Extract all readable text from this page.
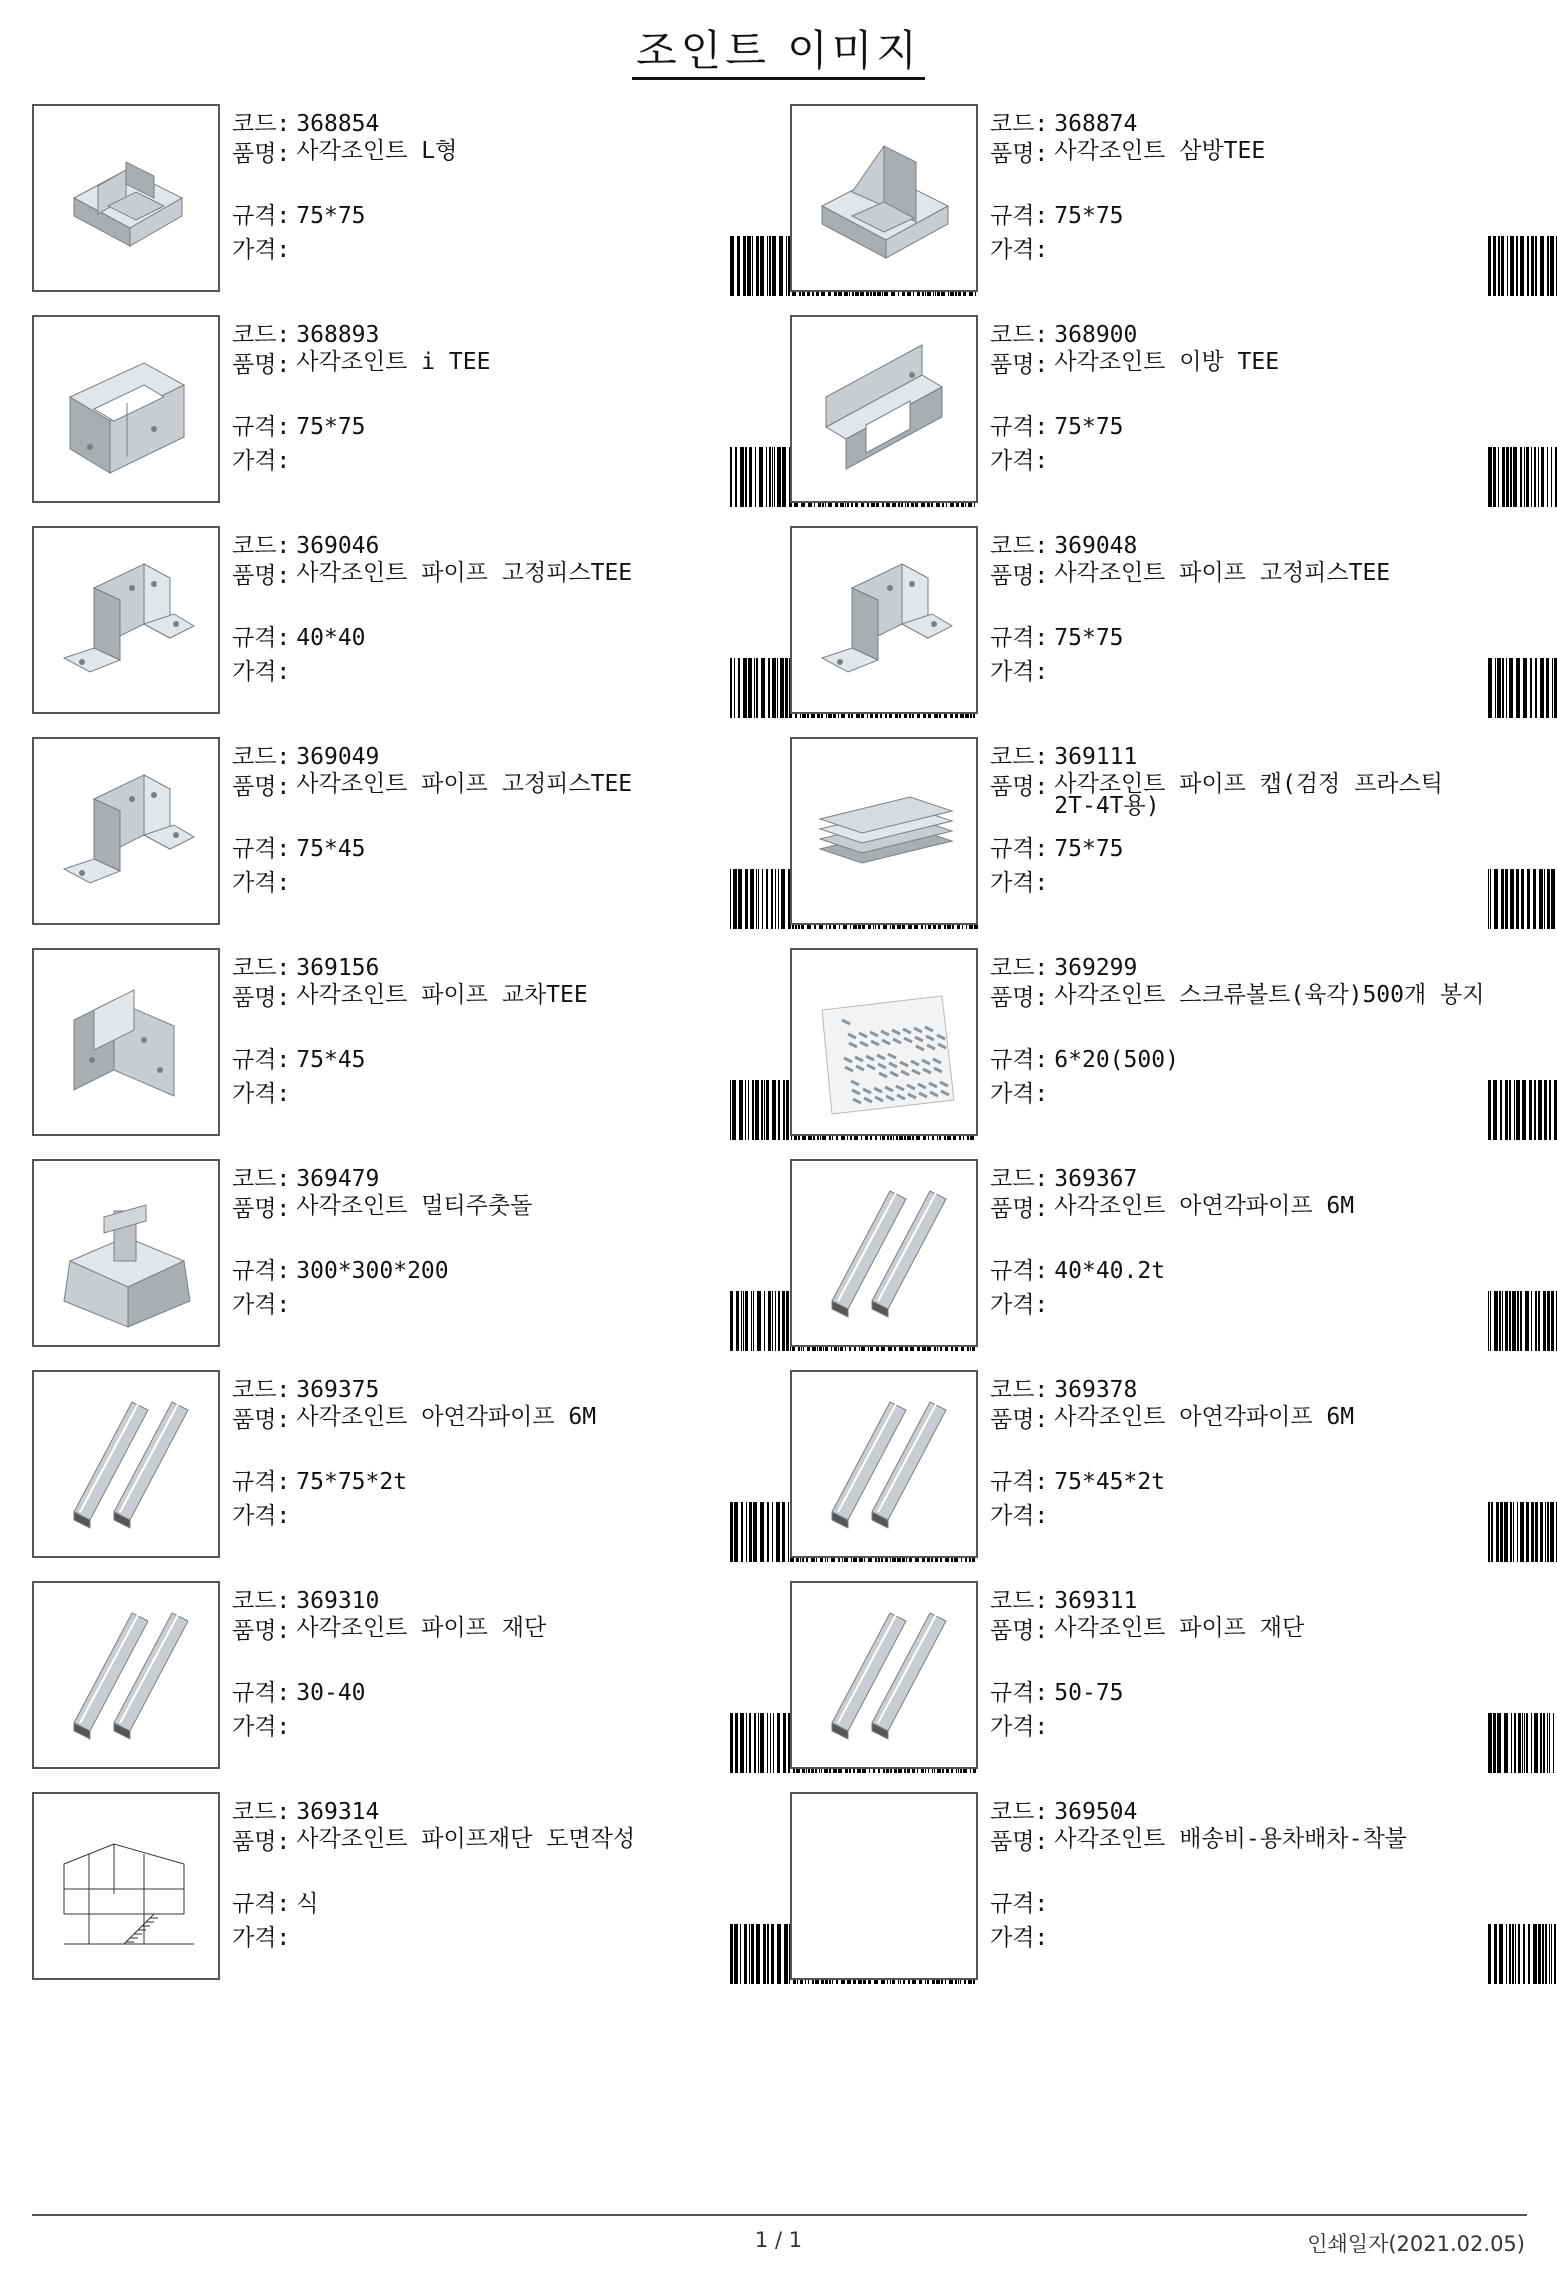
조인트 이미지
코드: 368854
품명: 사각조인트 L형
규격: 75*75
가격:
코드: 368874
품명: 사각조인트 삼방TEE
규격: 75*75
가격:
코드: 368893
품명: 사각조인트 i TEE
규격: 75*75
가격:
코드: 368900
품명: 사각조인트 이방 TEE
규격: 75*75
가격:
코드: 369046
품명: 사각조인트 파이프 고정피스TEE
규격: 40*40
가격:
코드: 369048
품명: 사각조인트 파이프 고정피스TEE
규격: 75*75
가격:
코드: 369049
품명: 사각조인트 파이프 고정피스TEE
규격: 75*45
가격:
코드: 369111
품명: 사각조인트 파이프 캡(검정 프라스틱 2T-4T용)
규격: 75*75
가격:
코드: 369156
품명: 사각조인트 파이프 교차TEE
규격: 75*45
가격:
코드: 369299
품명: 사각조인트 스크류볼트(육각)500개 봉지
규격: 6*20(500)
가격:
코드: 369479
품명: 사각조인트 멀티주춧돌
규격: 300*300*200
가격:
코드: 369367
품명: 사각조인트 아연각파이프 6M
규격: 40*40.2t
가격:
코드: 369375
품명: 사각조인트 아연각파이프 6M
규격: 75*75*2t
가격:
코드: 369378
품명: 사각조인트 아연각파이프 6M
규격: 75*45*2t
가격:
코드: 369310
품명: 사각조인트 파이프 재단
규격: 30-40
가격:
코드: 369311
품명: 사각조인트 파이프 재단
규격: 50-75
가격:
코드: 369314
품명: 사각조인트 파이프재단 도면작성
규격: 식
가격:
코드: 369504
품명: 사각조인트 배송비-용차배차-착불
규격:
가격:
1 / 1	인쇄일자(2021.02.05)
